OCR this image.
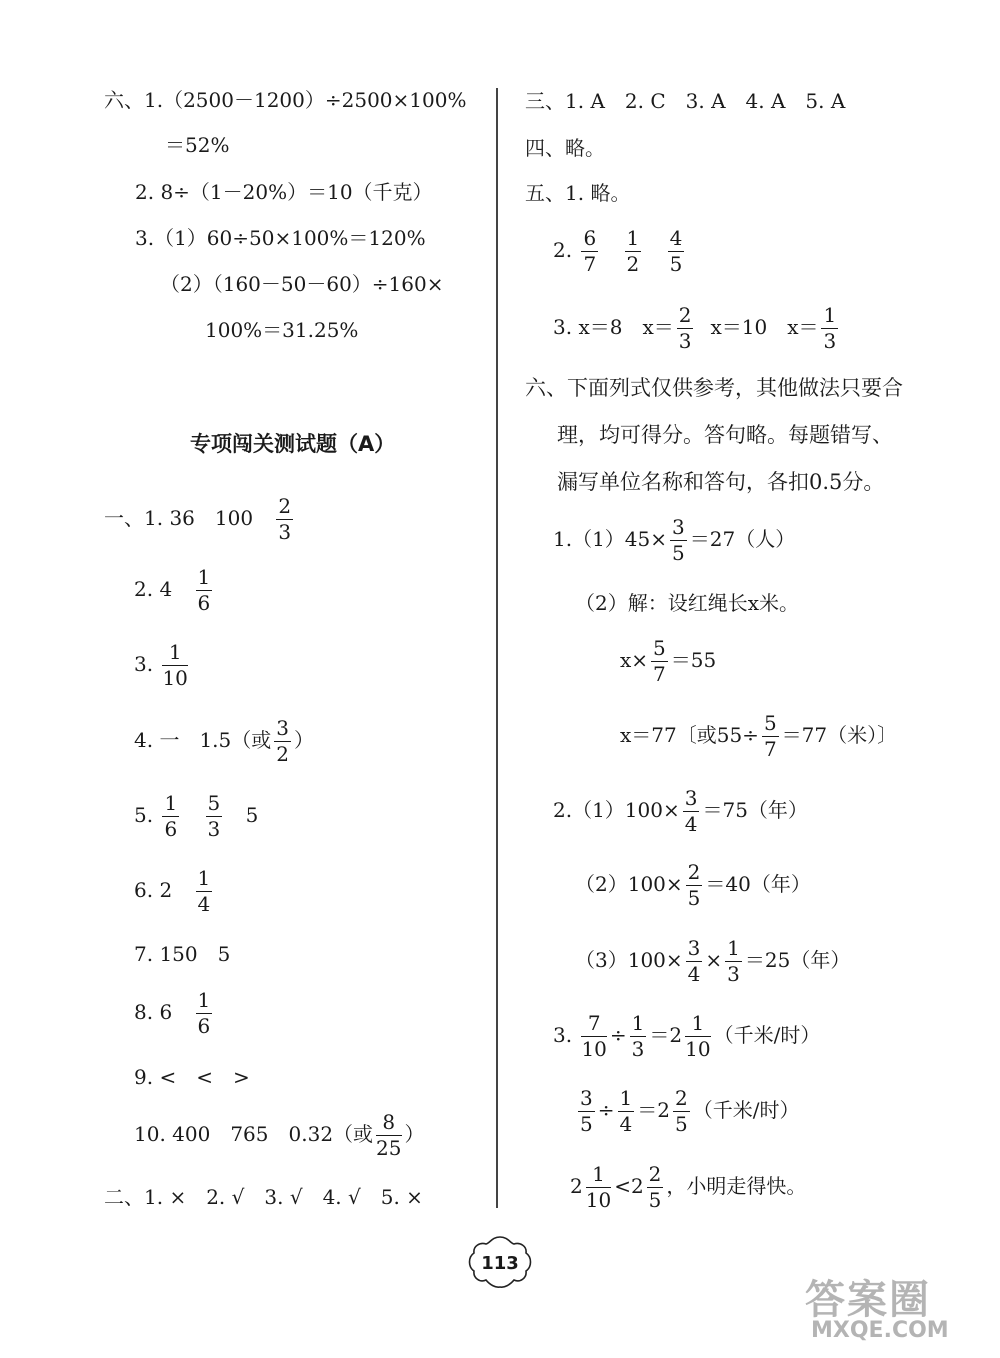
六、1.（2500－1200）÷2500×100%
＝52%
2. 8÷（1－20%）＝10（千克）
3.（1）60÷50×100%＝120%
（2）（160－50－60）÷160×
100%＝31.25%
专项闯关测试题（A）
一、1. 36　$100 \frac{2}{3}$
2. $4 \frac{1}{6}$
3. $\frac{1}{10}$
4. 一　1.5（或 $\frac{3}{2}$ ）
5. $\frac{1}{6}$
$\frac{5}{3} 5$
6. $2 \frac{1}{4}$
7. 150　5
8. $6 \frac{1}{6}$
9. <　<　>
10. 400　765　0.32（或 $\frac{8}{25}$ ）
二、1. ×　2. √　3. √　4. √　5. ×
三、1. A　2. C　3. A　4. A　5. A
四、略。
五、1. 略。
2. $\frac{6}{7}$
$\frac{1}{2}$
$\frac{4}{5}$
3. x＝8　$x= \frac{2}{3} x=10$　$x= \frac{1}{3}$
六、下面列式仅供参考，其他做法只要合
理，均可得分。答句略。每题错写、
漏写单位名称和答句，各扣0.5分。
$1.(1)45\times \frac{3}{5} =27$（人）
（2）解：设红绳长x米。
$x\times \frac{5}{7} =55$
x＝77〔或$55\div \frac{5}{7} =77$（米）〕
$2.(1)100\times \frac{3}{4} =75$（年）
$(2)100\times \frac{2}{5} =40$（年）
$(3)100\times \frac{3}{4} \times \frac{1}{3} =25$（年）
3. $\frac{7}{10} \div \frac{1}{3} =2 \frac{1}{10}$ （千米/时）
$\frac{3}{5} \div \frac{1}{4} =2 \frac{2}{5}$ （千米/时）
$2 \frac{1}{10} <2 \frac{2}{5}$ ，小明走得快。
113
答案圈
MXQE.COM
